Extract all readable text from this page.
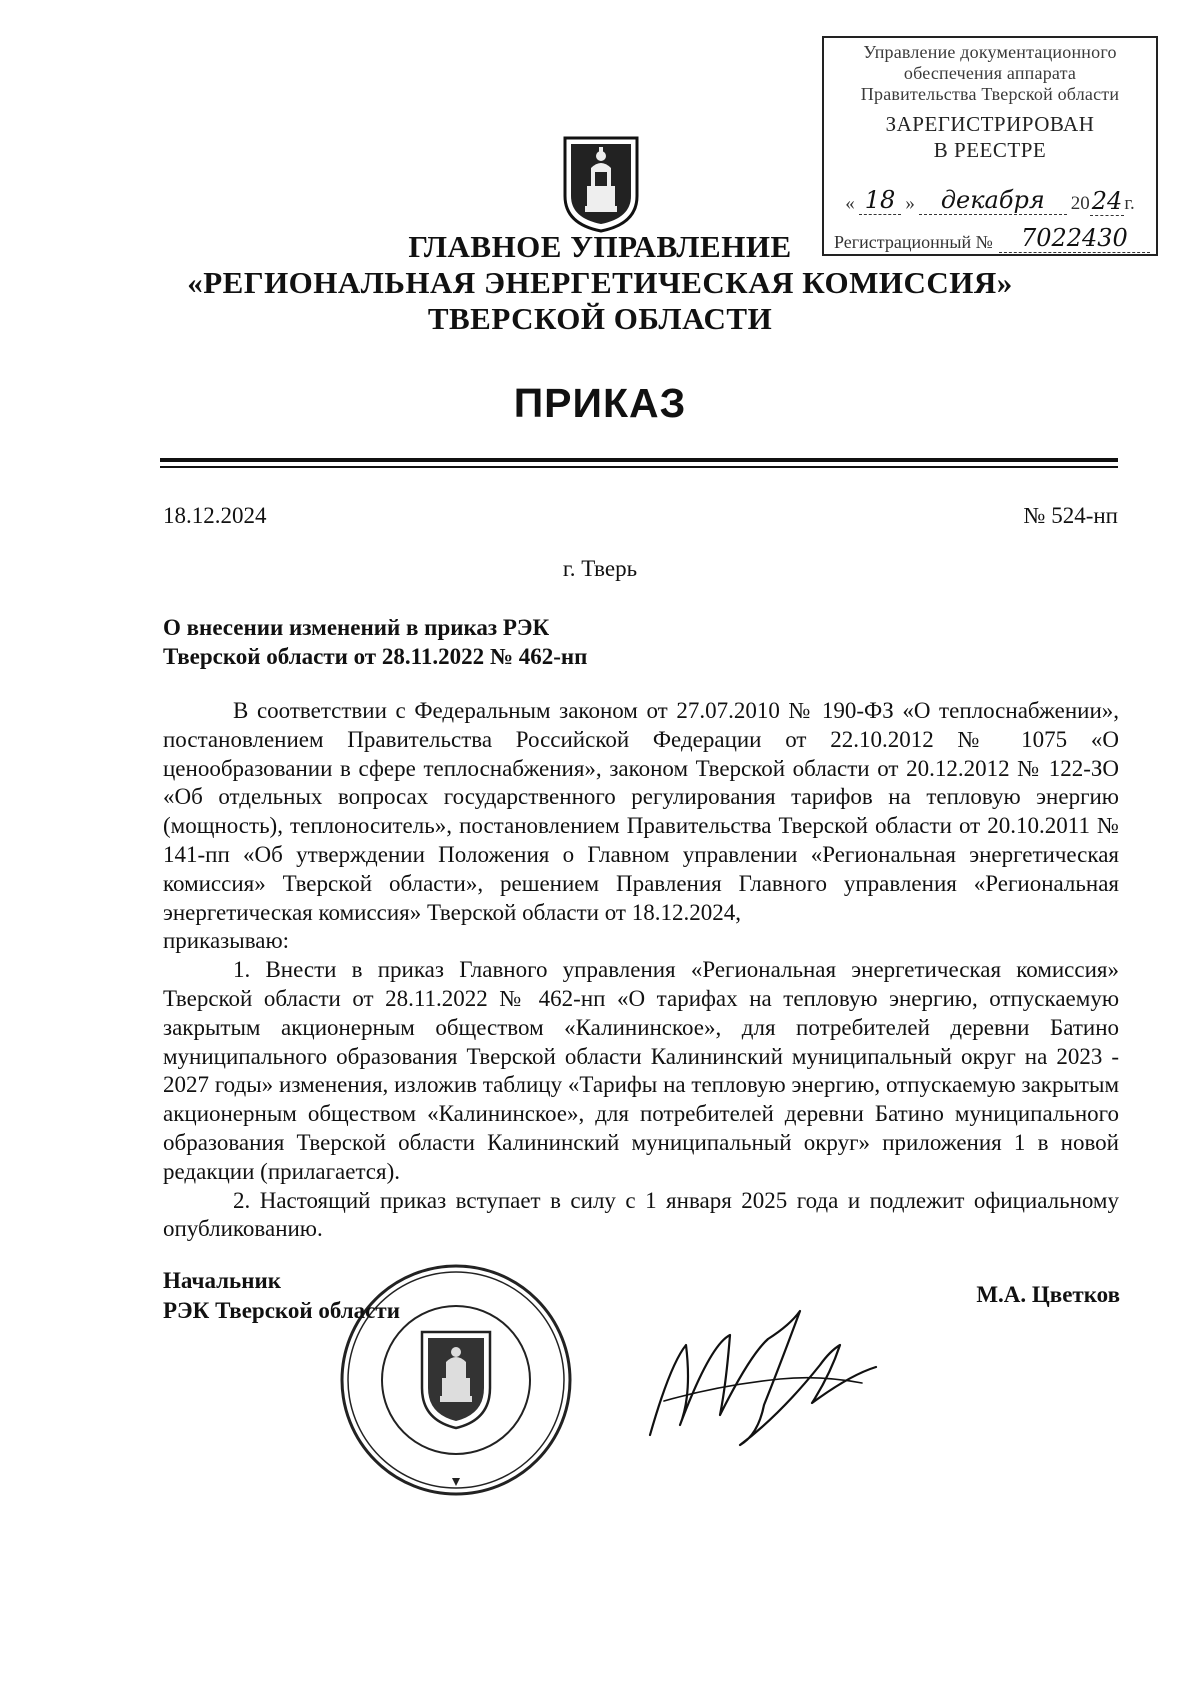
Управление документационного
обеспечения аппарата
Правительства Тверской области
ЗАРЕГИСТРИРОВАН
В РЕЕСТРЕ
« 18 »	декабря	2024 г.
Регистрационный №	7022430
ГЛАВНОЕ УПРАВЛЕНИЕ
«РЕГИОНАЛЬНАЯ ЭНЕРГЕТИЧЕСКАЯ КОМИССИЯ»
ТВЕРСКОЙ ОБЛАСТИ
ПРИКАЗ
18.12.2024	№ 524-нп
г. Тверь
О внесении изменений в приказ РЭК
Тверской области от 28.11.2022 № 462-нп

В соответствии с Федеральным законом от 27.07.2010 № 190-ФЗ «О теплоснабжении», постановлением Правительства Российской Федерации от 22.10.2012 № 1075 «О ценообразовании в сфере теплоснабжения», законом Тверской области от 20.12.2012 № 122-ЗО «Об отдельных вопросах государственного регулирования тарифов на тепловую энергию (мощность), теплоноситель», постановлением Правительства Тверской области от 20.10.2011 № 141-пп «Об утверждении Положения о Главном управлении «Региональная энергетическая комиссия» Тверской области», решением Правления Главного управления «Региональная энергетическая комиссия» Тверской области от 18.12.2024,

приказываю:

1. Внести в приказ Главного управления «Региональная энергетическая комиссия» Тверской области от 28.11.2022 № 462-нп «О тарифах на тепловую энергию, отпускаемую закрытым акционерным обществом «Калининское», для потребителей деревни Батино муниципального образования Тверской области Калининский муниципальный округ на 2023 - 2027 годы» изменения, изложив таблицу «Тарифы на тепловую энергию, отпускаемую закрытым акционерным обществом «Калининское», для потребителей деревни Батино муниципального образования Тверской области Калининский муниципальный округ» приложения 1 в новой редакции (прилагается).

2. Настоящий приказ вступает в силу с 1 января 2025 года и подлежит официальному опубликованию.

Начальник
РЭК Тверской области
М.А. Цветков
